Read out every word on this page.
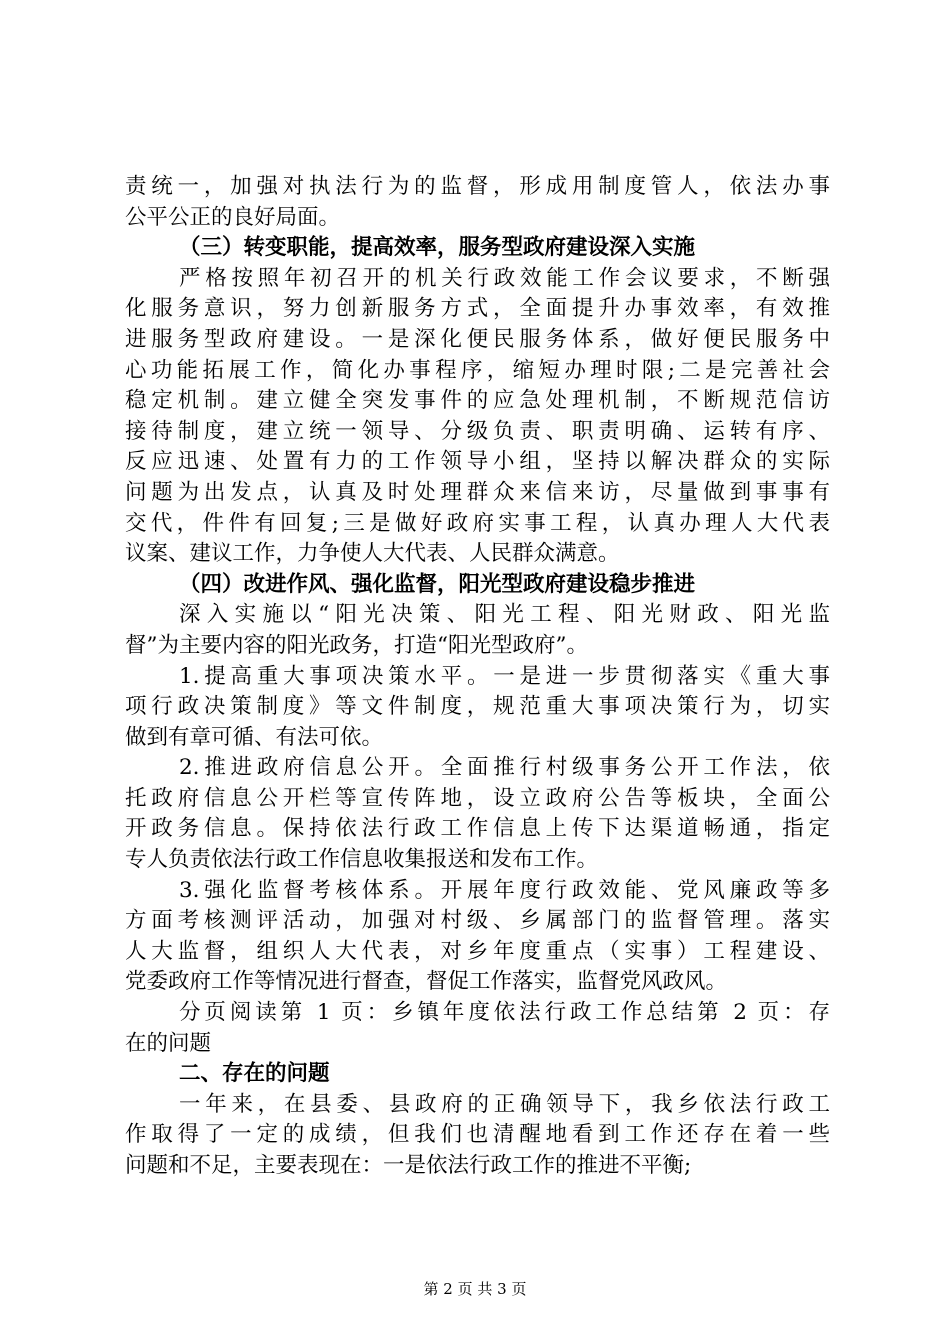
责统一，加强对执法行为的监督，形成用制度管人，依法办事

公平公正的良好局面。

（三）转变职能，提高效率，服务型政府建设深入实施

严格按照年初召开的机关行政效能工作会议要求，不断强

化服务意识，努力创新服务方式，全面提升办事效率，有效推

进服务型政府建设。一是深化便民服务体系，做好便民服务中

心功能拓展工作，简化办事程序，缩短办理时限;二是完善社会

稳定机制。建立健全突发事件的应急处理机制，不断规范信访

接待制度，建立统一领导、分级负责、职责明确、运转有序、

反应迅速、处置有力的工作领导小组，坚持以解决群众的实际

问题为出发点，认真及时处理群众来信来访，尽量做到事事有

交代，件件有回复;三是做好政府实事工程，认真办理人大代表

议案、建议工作，力争使人大代表、人民群众满意。

（四）改进作风、强化监督，阳光型政府建设稳步推进

深入实施以“阳光决策、阳光工程、阳光财政、阳光监

督”为主要内容的阳光政务，打造“阳光型政府”。

1.提高重大事项决策水平。一是进一步贯彻落实《重大事

项行政决策制度》等文件制度，规范重大事项决策行为，切实

做到有章可循、有法可依。

2.推进政府信息公开。全面推行村级事务公开工作法，依

托政府信息公开栏等宣传阵地，设立政府公告等板块，全面公

开政务信息。保持依法行政工作信息上传下达渠道畅通，指定

专人负责依法行政工作信息收集报送和发布工作。

3.强化监督考核体系。开展年度行政效能、党风廉政等多

方面考核测评活动，加强对村级、乡属部门的监督管理。落实

人大监督，组织人大代表，对乡年度重点（实事）工程建设、

党委政府工作等情况进行督查，督促工作落实，监督党风政风。

分页阅读第 1 页：乡镇年度依法行政工作总结第 2 页：存

在的问题

二、存在的问题

一年来，在县委、县政府的正确领导下，我乡依法行政工

作取得了一定的成绩，但我们也清醒地看到工作还存在着一些

问题和不足，主要表现在：一是依法行政工作的推进不平衡;

第 2 页 共 3 页
